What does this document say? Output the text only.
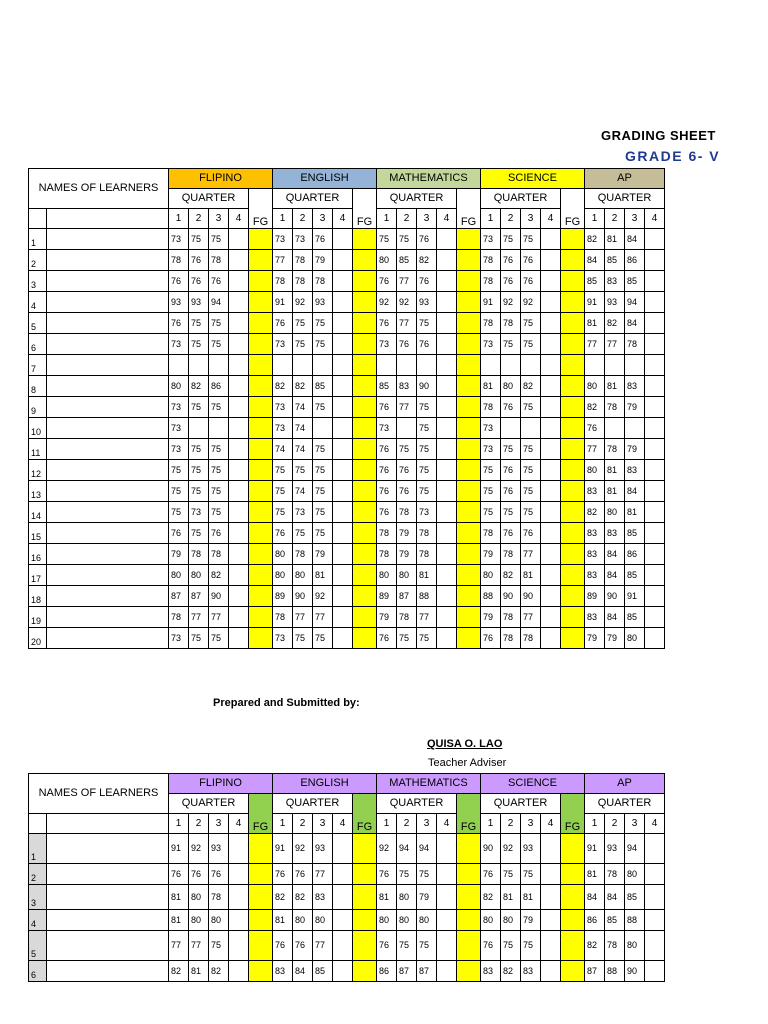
GRADING SHEET
GRADE 6- V
NAMES OF LEARNERS		FLIPINO					ENGLISH					MATHEMATICS					SCIENCE					AP			
		QUARTER				FG	QUARTER				FG	QUARTER				FG	QUARTER				FG	QUARTER			
		1	2	3	4		1	2	3	4		1	2	3	4		1	2	3	4		1	2	3	4
1		73	75	75			73	73	76			75	75	76			73	75	75			82	81	84	
2		78	76	78			77	78	79			80	85	82			78	76	76			84	85	86	
3		76	76	76			78	78	78			76	77	76			78	76	76			85	83	85	
4		93	93	94			91	92	93			92	92	93			91	92	92			91	93	94	
5		76	75	75			76	75	75			76	77	75			78	78	75			81	82	84	
6		73	75	75			73	75	75			73	76	76			73	75	75			77	77	78	
7																									
8		80	82	86			82	82	85			85	83	90			81	80	82			80	81	83	
9		73	75	75			73	74	75			76	77	75			78	76	75			82	78	79	
10		73					73	74				73		75			73					76			
11		73	75	75			74	74	75			76	75	75			73	75	75			77	78	79	
12		75	75	75			75	75	75			76	76	75			75	76	75			80	81	83	
13		75	75	75			75	74	75			76	76	75			75	76	75			83	81	84	
14		75	73	75			75	73	75			76	78	73			75	75	75			82	80	81	
15		76	75	76			76	75	75			78	79	78			78	76	76			83	83	85	
16		79	78	78			80	78	79			78	79	78			79	78	77			83	84	86	
17		80	80	82			80	80	81			80	80	81			80	82	81			83	84	85	
18		87	87	90			89	90	92			89	87	88			88	90	90			89	90	91	
19		78	77	77			78	77	77			79	78	77			79	78	77			83	84	85	
20		73	75	75			73	75	75			76	75	75			76	78	78			79	79	80	
Prepared and Submitted by:
QUISA O. LAO
Teacher Adviser
NAMES OF LEARNERS		FLIPINO					ENGLISH					MATHEMATICS					SCIENCE					AP			
		QUARTER				FG	QUARTER				FG	QUARTER				FG	QUARTER				FG	QUARTER			
		1	2	3	4		1	2	3	4		1	2	3	4		1	2	3	4		1	2	3	4
1		91	92	93			91	92	93			92	94	94			90	92	93			91	93	94	
2		76	76	76			76	76	77			76	75	75			76	75	75			81	78	80	
3		81	80	78			82	82	83			81	80	79			82	81	81			84	84	85	
4		81	80	80			81	80	80			80	80	80			80	80	79			86	85	88	
5		77	77	75			76	76	77			76	75	75			76	75	75			82	78	80	
6		82	81	82			83	84	85			86	87	87			83	82	83			87	88	90	
